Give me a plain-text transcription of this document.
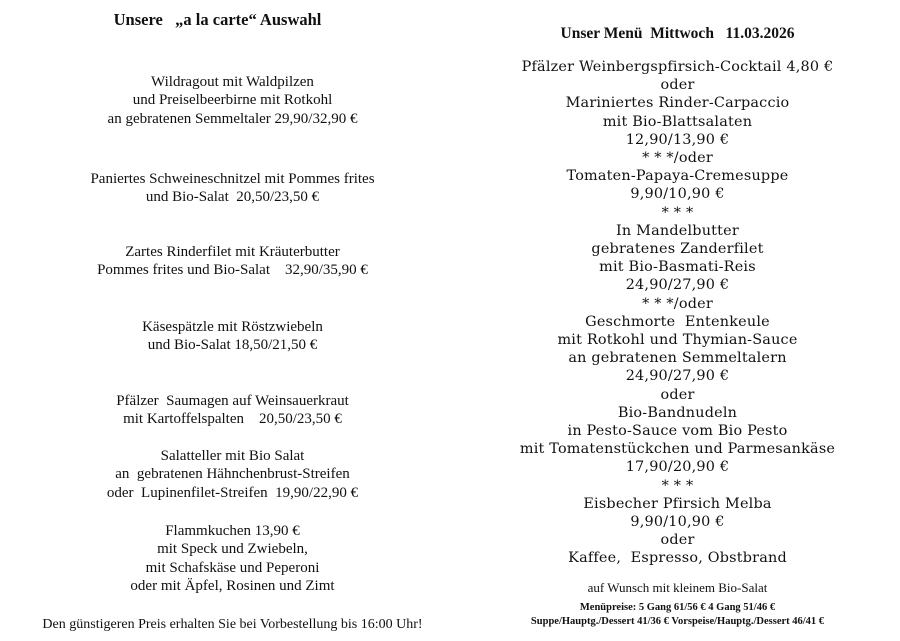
Unsere   „a la carte“ Auswahl
Wildragout mit Waldpilzen
und Preiselbeerbirne mit Rotkohl
an gebratenen Semmeltaler 29,90/32,90 €
Paniertes Schweineschnitzel mit Pommes frites
und Bio-Salat  20,50/23,50 €
Zartes Rinderfilet mit Kräuterbutter
Pommes frites und Bio-Salat    32,90/35,90 €
Käsespätzle mit Röstzwiebeln
und Bio-Salat 18,50/21,50 €
Pfälzer  Saumagen auf Weinsauerkraut
mit Kartoffelspalten    20,50/23,50 €
Salatteller mit Bio Salat
an  gebratenen Hähnchenbrust-Streifen
oder  Lupinenfilet-Streifen  19,90/22,90 €
Flammkuchen 13,90 €
mit Speck und Zwiebeln,
mit Schafskäse und Peperoni
oder mit Äpfel, Rosinen und Zimt
Den günstigeren Preis erhalten Sie bei Vorbestellung bis 16:00 Uhr!
Unser Menü  Mittwoch   11.03.2026
Pfälzer Weinbergspfirsich-Cocktail 4,80 €
oder
Mariniertes Rinder-Carpaccio
mit Bio-Blattsalaten
12,90/13,90 €
* * */oder
Tomaten-Papaya-Cremesuppe
9,90/10,90 €
* * *
In Mandelbutter
gebratenes Zanderfilet
mit Bio-Basmati-Reis
24,90/27,90 €
* * */oder
Geschmorte  Entenkeule
mit Rotkohl und Thymian-Sauce
an gebratenen Semmeltalern
24,90/27,90 €
oder
Bio-Bandnudeln
in Pesto-Sauce vom Bio Pesto
mit Tomatenstückchen und Parmesankäse
17,90/20,90 €
* * *
Eisbecher Pfirsich Melba
9,90/10,90 €
oder
Kaffee,  Espresso, Obstbrand
auf Wunsch mit kleinem Bio-Salat
Menüpreise: 5 Gang 61/56 € 4 Gang 51/46 €
Suppe/Hauptg./Dessert 41/36 € Vorspeise/Hauptg./Dessert 46/41 €
